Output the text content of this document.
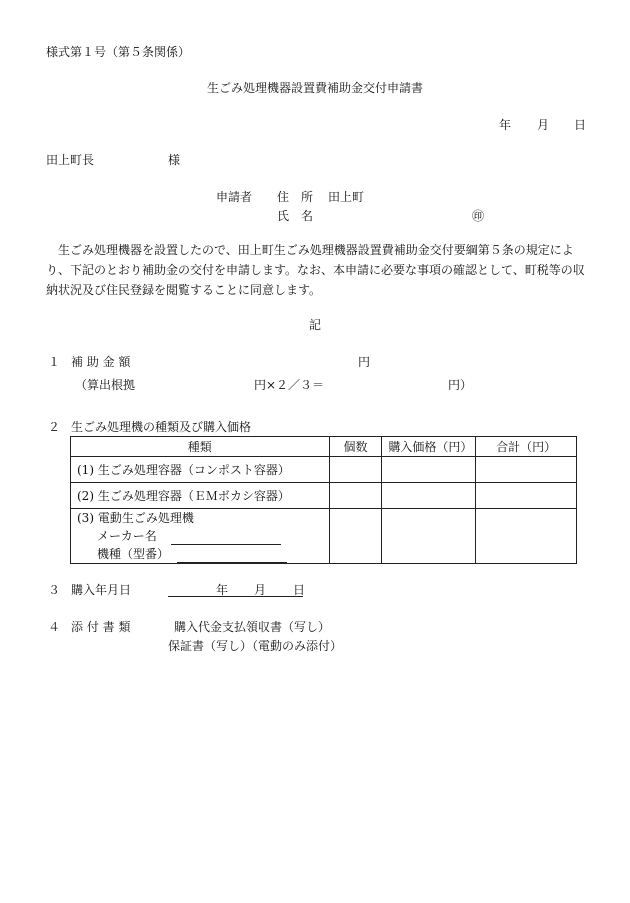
様式第１号（第５条関係）
生ごみ処理機器設置費補助金交付申請書
年 月 日
田上町長	様
申請者 住　所 田上町
氏　名	㊞
生ごみ処理機器を設置したので、田上町生ごみ処理機器設置費補助金交付要綱第５条の規定により、下記のとおり補助金の交付を申請します。なお、本申請に必要な事項の確認として、町税等の収納状況及び住民登録を閲覧することに同意します。
記
１ 補 助 金 額	円
（算出根拠	円×２／３＝	円）
２ 生ごみ処理機の種類及び購入価格
種類	個数	購入価格（円）	合計（円）
(1) 生ごみ処理容器（コンポスト容器）			
(2) 生ごみ処理容器（ＥＭボカシ容器）			

(3) 電動生ごみ処理機
メーカー名
機種（型番）			

３ 購入年月日	年 月 日
４ 添 付 書 類	購入代金支払領収書（写し）
保証書（写し）（電動のみ添付）
